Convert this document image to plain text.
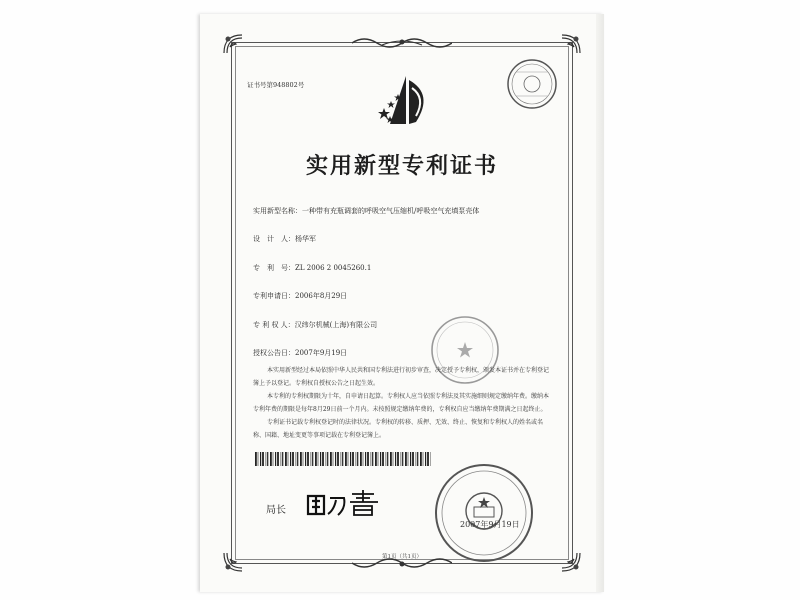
证书号第948802号
实用新型专利证书
实用新型名称：一种带有充瓶调套的呼吸空气压缩机/呼吸空气充填泵壳体
设　计　人：杨华军
专　利　号：ZL 2006 2 0045260.1
专利申请日：2006年8月29日
专 利 权 人：汉纬尔机械(上海)有限公司
授权公告日：2007年9月19日

本实用新型经过本局依照中华人民共和国专利法进行初步审查，决定授予专利权，颁发本证书并在专利登记簿上予以登记。专利权自授权公告之日起生效。

本专利的专利权期限为十年，自申请日起算。专利权人应当依照专利法及其实施细则规定缴纳年费。缴纳本专利年费的期限是每年8月29日前一个月内。未按照规定缴纳年费的，专利权自应当缴纳年费期满之日起终止。

专利证书记载专利权登记时的法律状况。专利权的转移、质押、无效、终止、恢复和专利权人的姓名或名称、国籍、地址变更等事项记载在专利登记簿上。

局长
2007年9月19日
第1页（共1页）
